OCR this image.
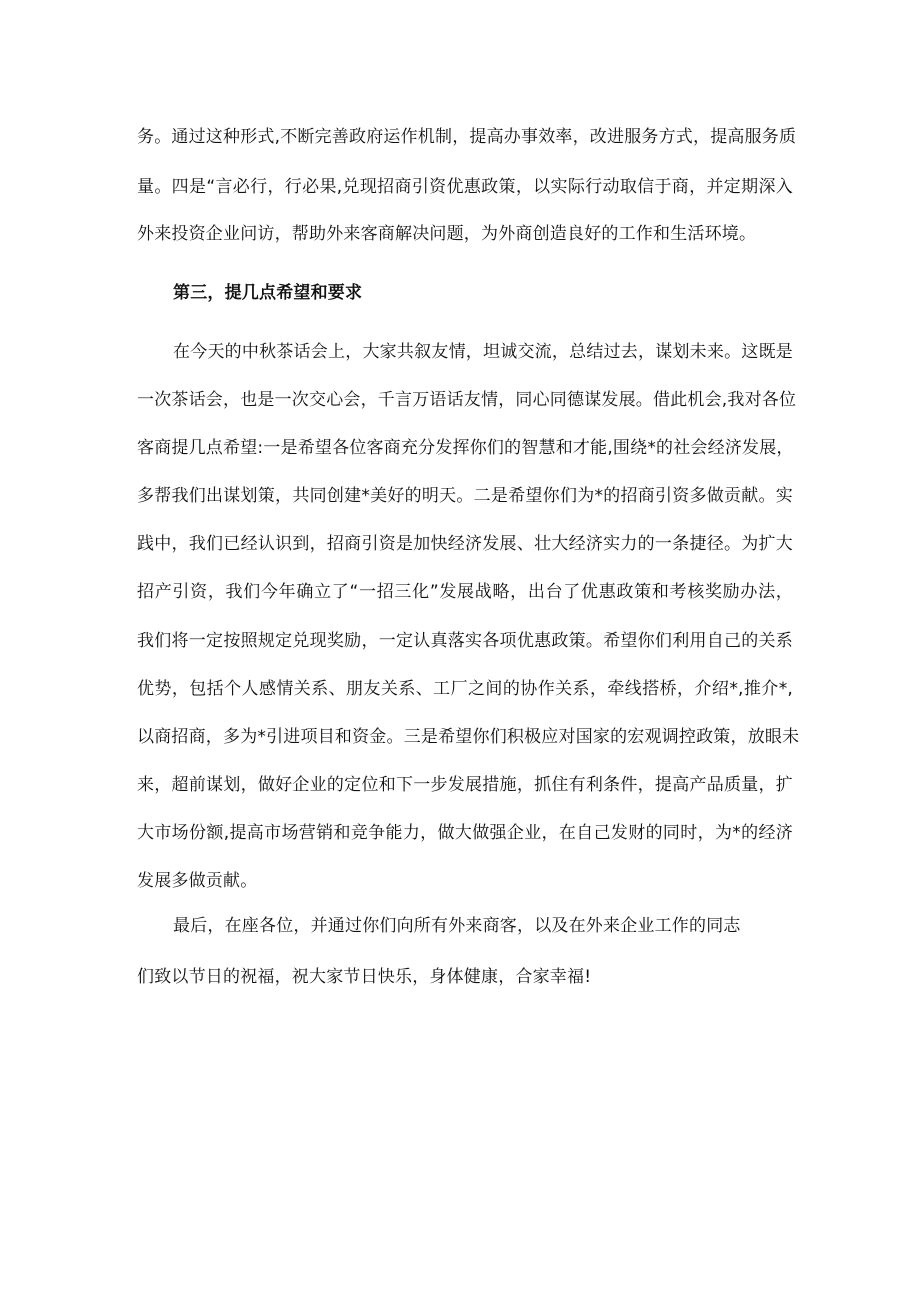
务。通过这种形式,不断完善政府运作机制，提高办事效率，改进服务方式，提高服务质
量。四是“言必行，行必果,兑现招商引资优惠政策，以实际行动取信于商，并定期深入
外来投资企业问访，帮助外来客商解决问题，为外商创造良好的工作和生活环境。
第三，提几点希望和要求
在今天的中秋茶话会上，大家共叙友情，坦诚交流，总结过去，谋划未来。这既是
一次茶话会，也是一次交心会，千言万语话友情，同心同德谋发展。借此机会,我对各位
客商提几点希望:一是希望各位客商充分发挥你们的智慧和才能,围绕*的社会经济发展，
多帮我们出谋划策，共同创建*美好的明天。二是希望你们为*的招商引资多做贡献。实
践中，我们已经认识到，招商引资是加快经济发展、壮大经济实力的一条捷径。为扩大
招产引资，我们今年确立了“一招三化”发展战略，出台了优惠政策和考核奖励办法，
我们将一定按照规定兑现奖励，一定认真落实各项优惠政策。希望你们利用自己的关系
优势，包括个人感情关系、朋友关系、工厂之间的协作关系，牵线搭桥，介绍*,推介*,
以商招商，多为*引进项目和资金。三是希望你们积极应对国家的宏观调控政策，放眼未
来，超前谋划，做好企业的定位和下一步发展措施，抓住有利条件，提高产品质量，扩
大市场份额,提高市场营销和竞争能力，做大做强企业，在自己发财的同时，为*的经济
发展多做贡献。
最后，在座各位，并通过你们向所有外来商客，以及在外来企业工作的同志
们致以节日的祝福，祝大家节日快乐，身体健康，合家幸福!
